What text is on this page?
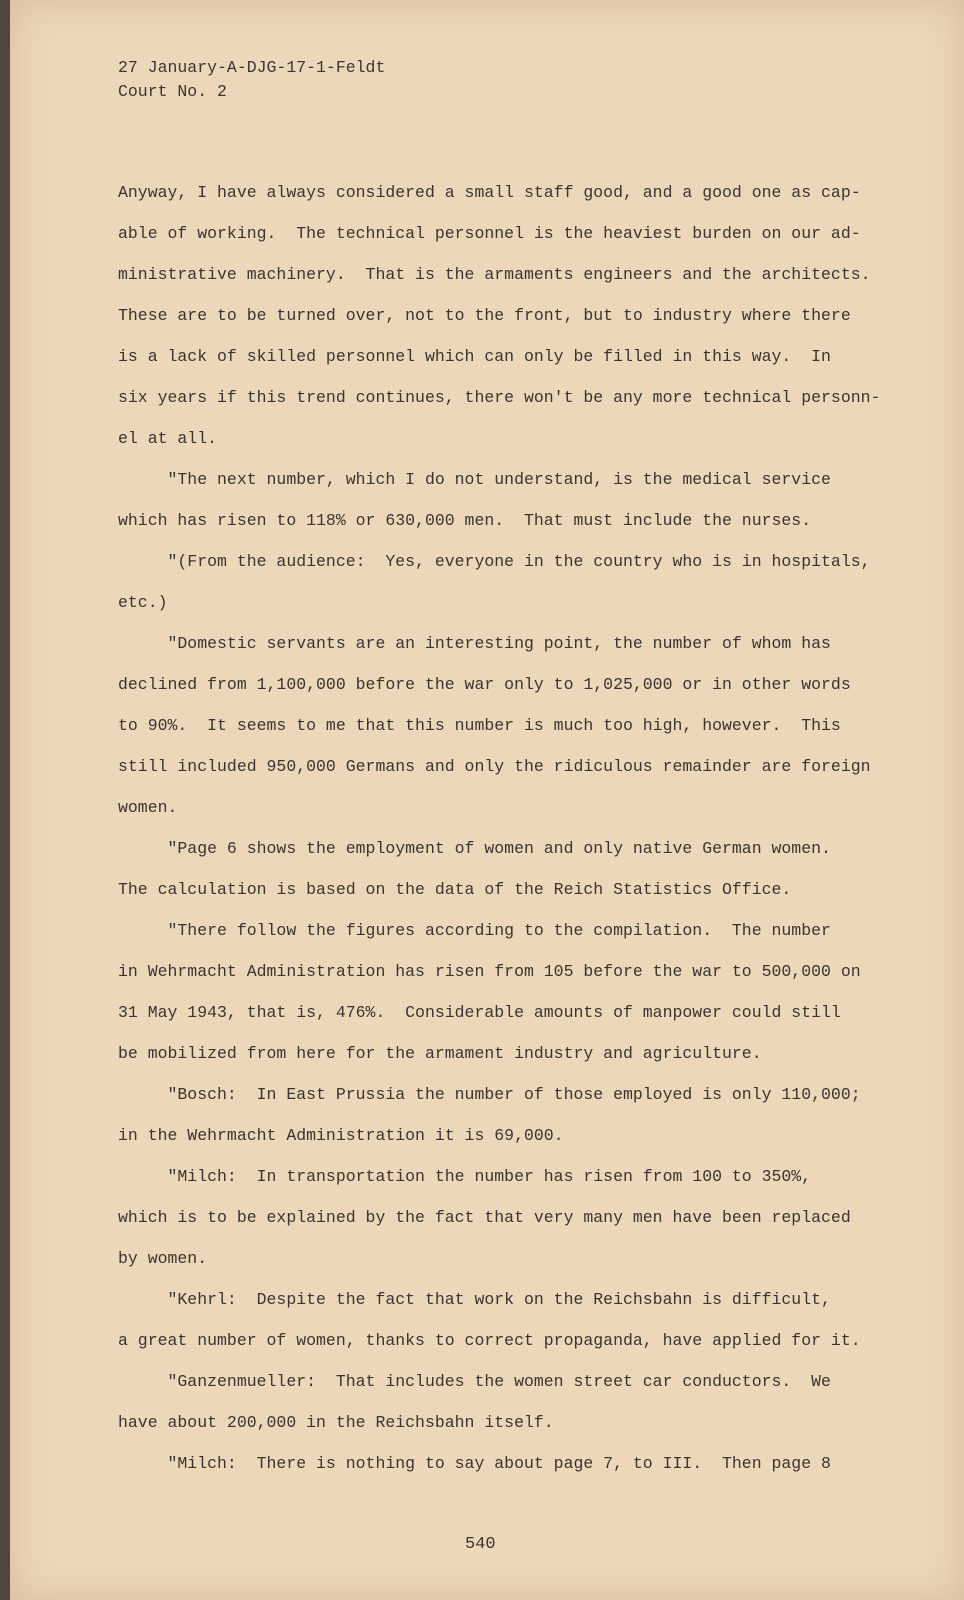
27 January-A-DJG-17-1-Feldt
Court No. 2
Anyway, I have always considered a small staff good, and a good one as cap-
able of working.  The technical personnel is the heaviest burden on our ad-
ministrative machinery.  That is the armaments engineers and the architects.
These are to be turned over, not to the front, but to industry where there
is a lack of skilled personnel which can only be filled in this way.  In
six years if this trend continues, there won't be any more technical personn-
el at all.
"The next number, which I do not understand, is the medical service
which has risen to 118% or 630,000 men.  That must include the nurses.
"(From the audience:  Yes, everyone in the country who is in hospitals,
etc.)
"Domestic servants are an interesting point, the number of whom has
declined from 1,100,000 before the war only to 1,025,000 or in other words
to 90%.  It seems to me that this number is much too high, however.  This
still included 950,000 Germans and only the ridiculous remainder are foreign
women.
"Page 6 shows the employment of women and only native German women.
The calculation is based on the data of the Reich Statistics Office.
"There follow the figures according to the compilation.  The number
in Wehrmacht Administration has risen from 105 before the war to 500,000 on
31 May 1943, that is, 476%.  Considerable amounts of manpower could still
be mobilized from here for the armament industry and agriculture.
"Bosch:  In East Prussia the number of those employed is only 110,000;
in the Wehrmacht Administration it is 69,000.
"Milch:  In transportation the number has risen from 100 to 350%,
which is to be explained by the fact that very many men have been replaced
by women.
"Kehrl:  Despite the fact that work on the Reichsbahn is difficult,
a great number of women, thanks to correct propaganda, have applied for it.
"Ganzenmueller:  That includes the women street car conductors.  We
have about 200,000 in the Reichsbahn itself.
"Milch:  There is nothing to say about page 7, to III.  Then page 8
540
